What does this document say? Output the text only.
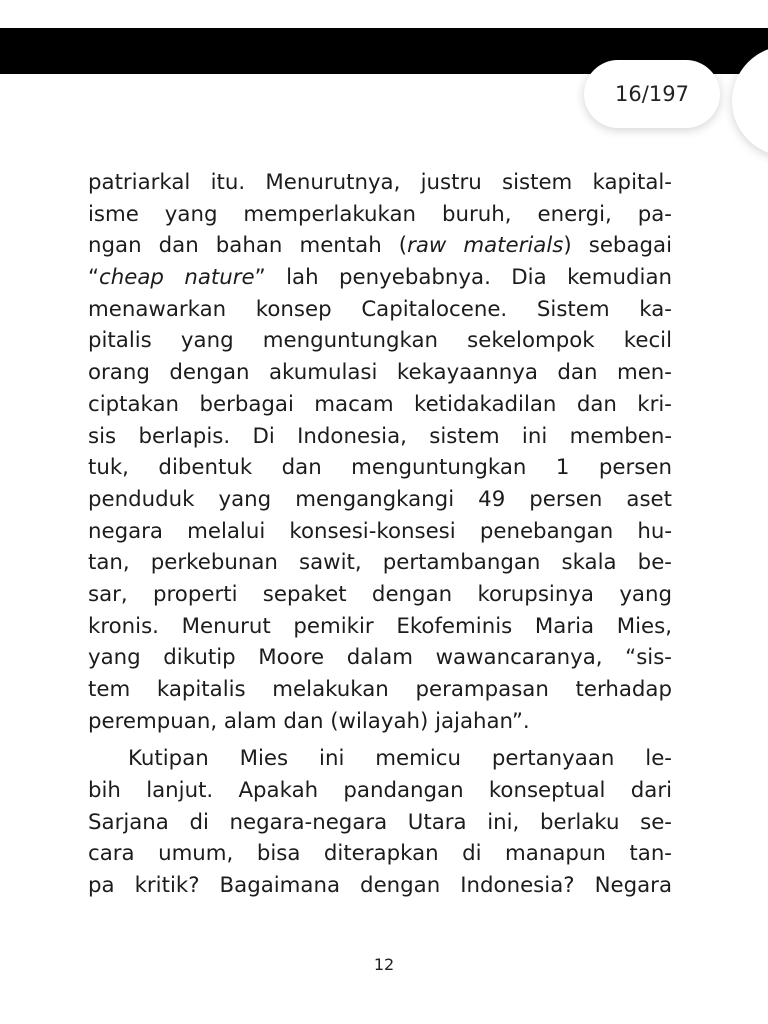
16/197
patriarkal itu. Menurutnya, justru sistem kapital-
isme yang memperlakukan buruh, energi, pa-
ngan dan bahan mentah (raw materials) sebagai
“cheap nature” lah penyebabnya. Dia kemudian
menawarkan konsep Capitalocene. Sistem ka-
pitalis yang menguntungkan sekelompok kecil
orang dengan akumulasi kekayaannya dan men-
ciptakan berbagai macam ketidakadilan dan kri-
sis berlapis. Di Indonesia, sistem ini memben-
tuk, dibentuk dan menguntungkan 1 persen
penduduk yang mengangkangi 49 persen aset
negara melalui konsesi-konsesi penebangan hu-
tan, perkebunan sawit, pertambangan skala be-
sar, properti sepaket dengan korupsinya yang
kronis. Menurut pemikir Ekofeminis Maria Mies,
yang dikutip Moore dalam wawancaranya, “sis-
tem kapitalis melakukan perampasan terhadap
perempuan, alam dan (wilayah) jajahan”.
Kutipan Mies ini memicu pertanyaan le-
bih lanjut. Apakah pandangan konseptual dari
Sarjana di negara-negara Utara ini, berlaku se-
cara umum, bisa diterapkan di manapun tan-
pa kritik? Bagaimana dengan Indonesia? Negara
12
